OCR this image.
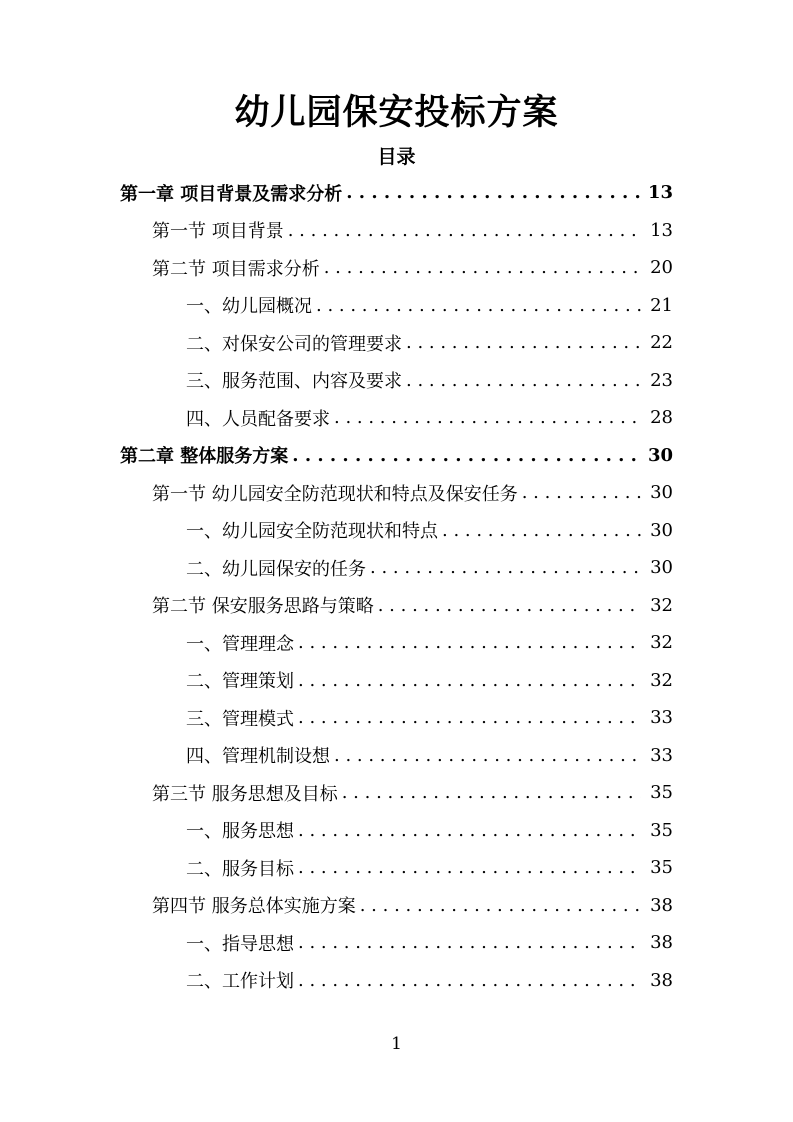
幼儿园保安投标方案
目录
第一章 项目背景及需求分析 . . .	13
第一节 项目背景 . . .	13
第二节 项目需求分析 . . .	20
一、幼儿园概况 . . .	21
二、对保安公司的管理要求 . . .	22
三、服务范围、内容及要求 . . .	23
四、人员配备要求 . . .	28
第二章 整体服务方案 . . .	30
第一节 幼儿园安全防范现状和特点及保安任务 . . .	30
一、幼儿园安全防范现状和特点 . . .	30
二、幼儿园保安的任务 . . .	30
第二节 保安服务思路与策略 . . .	32
一、管理理念 . . .	32
二、管理策划 . . .	32
三、管理模式 . . .	33
四、管理机制设想 . . .	33
第三节 服务思想及目标 . . .	35
一、服务思想 . . .	35
二、服务目标 . . .	35
第四节 服务总体实施方案 . . .	38
一、指导思想 . . .	38
二、工作计划 . . .	38
1
